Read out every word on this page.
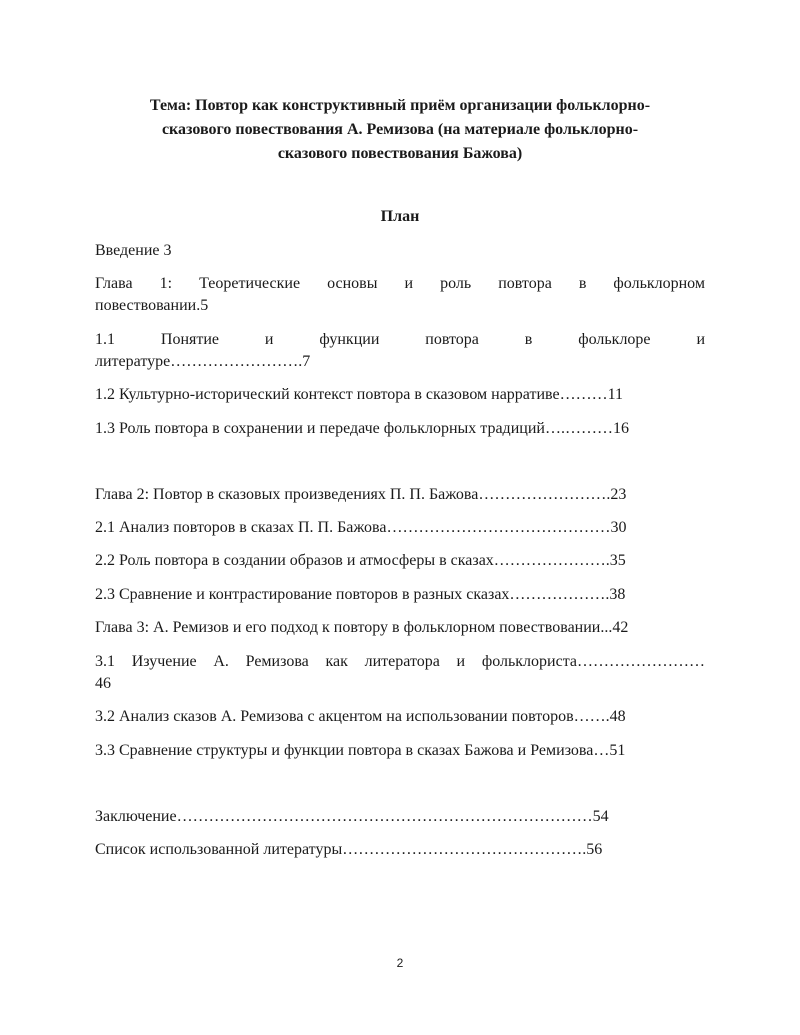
Тема: Повтор как конструктивный приём организации фольклорно-
сказового повествования А. Ремизова (на материале фольклорно-
сказового повествования Бажова)
План
Введение 3
Глава 1: Теоретические основы и роль повтора в фольклорном
повествовании.5
1.1 Понятие и функции повтора в фольклоре и
литературе…………………….7
1.2 Культурно-исторический контекст повтора в сказовом нарративе………11
1.3 Роль повтора в сохранении и передаче фольклорных традиций….………16
Глава 2: Повтор в сказовых произведениях П. П. Бажова…………………….23
2.1 Анализ повторов в сказах П. П. Бажова……………………………………30
2.2 Роль повтора в создании образов и атмосферы в сказах………………….35
2.3 Сравнение и контрастирование повторов в разных сказах……………….38
Глава 3: А. Ремизов и его подход к повтору в фольклорном повествовании...42
3.1 Изучение А. Ремизова как литератора и фольклориста……………………
46
3.2 Анализ сказов А. Ремизова с акцентом на использовании повторов…….48
3.3 Сравнение структуры и функции повтора в сказах Бажова и Ремизова…51
Заключение……………………………………………………………………54
Список использованной литературы……………………………………….56
2
